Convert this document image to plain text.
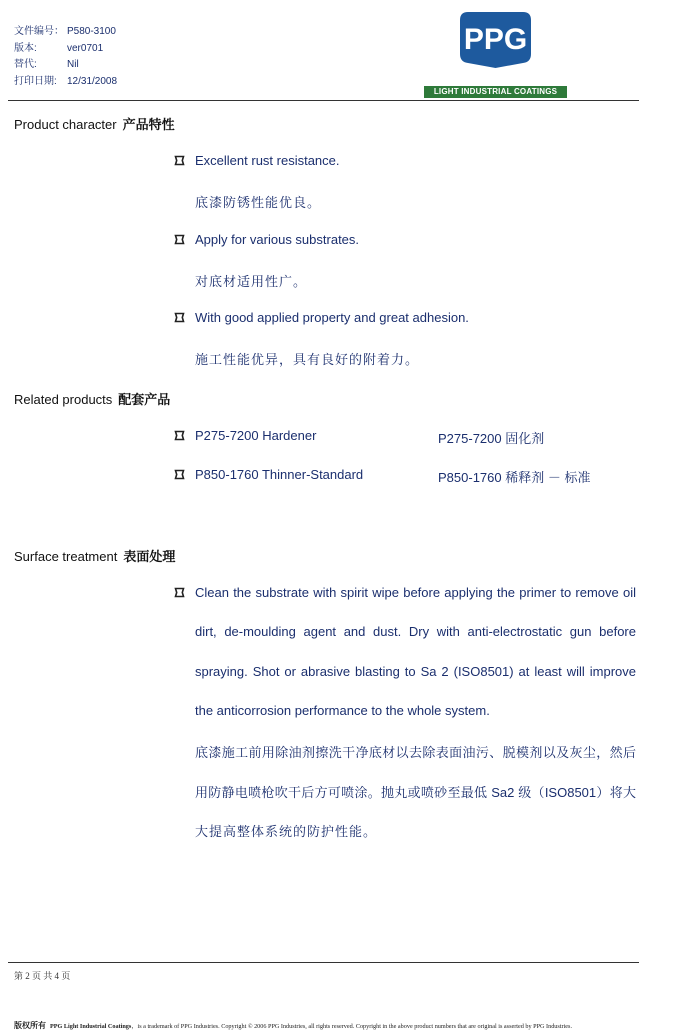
文件编号： P580-3100
版本:	ver0701
替代:	Nil
打印日期: 12/31/2008
PPG
LIGHT INDUSTRIAL COATINGS
Product character 产品特性
Excellent rust resistance.
底漆防锈性能优良。
Apply for various substrates.
对底材适用性广。
With good applied property and great adhesion.
施工性能优异，具有良好的附着力。
Related products 配套产品
P275-7200 Hardener	P275-7200 固化剂
P850-1760 Thinner-Standard	P850-1760 稀释剂 － 标准
Surface treatment 表面处理
Clean the substrate with spirit wipe before applying the primer to remove oil
dirt, de-moulding agent and dust. Dry with anti-electrostatic gun before
spraying. Shot or abrasive blasting to Sa 2 (ISO8501) at least will improve
the anticorrosion performance to the whole system.
底漆施工前用除油剂擦洗干净底材以去除表面油污、脱模剂以及灰尘，然后
用防静电喷枪吹干后方可喷涂。抛丸或喷砂至最低 Sa2 级（ISO8501）将大
大提高整体系统的防护性能。
第 2 页 共 4 页
版权所有 PPG Light Industrial Coatings，is a trademark of PPG Industries. Copyright © 2006 PPG Industries, all rights reserved. Copyright in the above product numbers that are original is asserted by PPG Industries.
